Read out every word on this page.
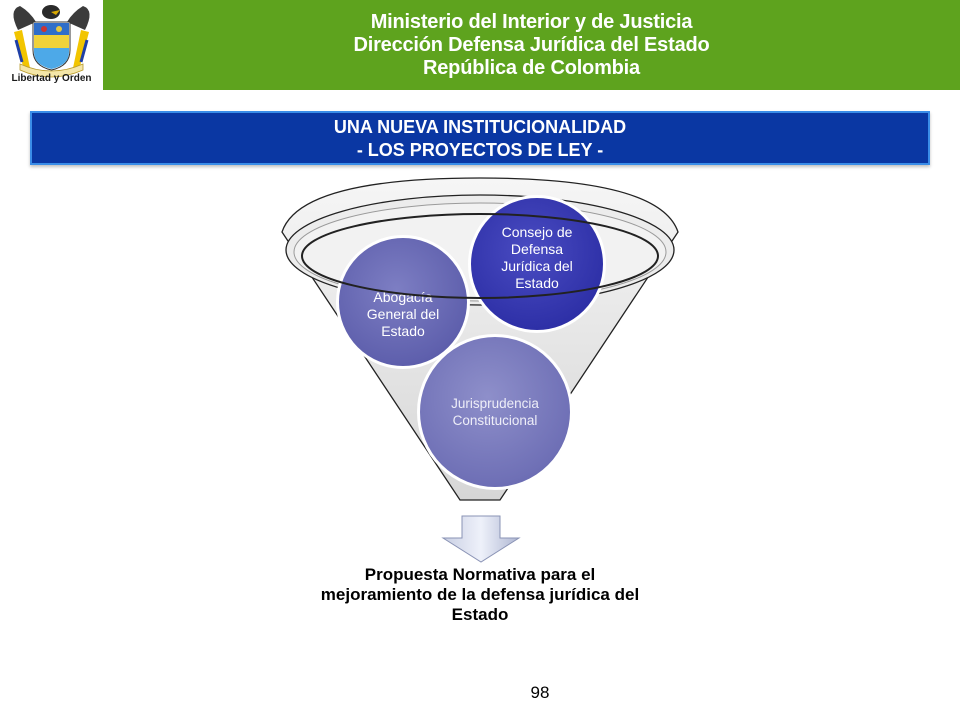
Libertad y Orden
Ministerio del Interior y de Justicia
Dirección Defensa Jurídica del Estado
República de Colombia
UNA NUEVA INSTITUCIONALIDAD
- LOS PROYECTOS DE LEY -
Jurisprudencia Constitucional
Abogacía General del Estado
Consejo de Defensa Jurídica del Estado
Propuesta Normativa para el mejoramiento de la defensa jurídica del Estado
98
